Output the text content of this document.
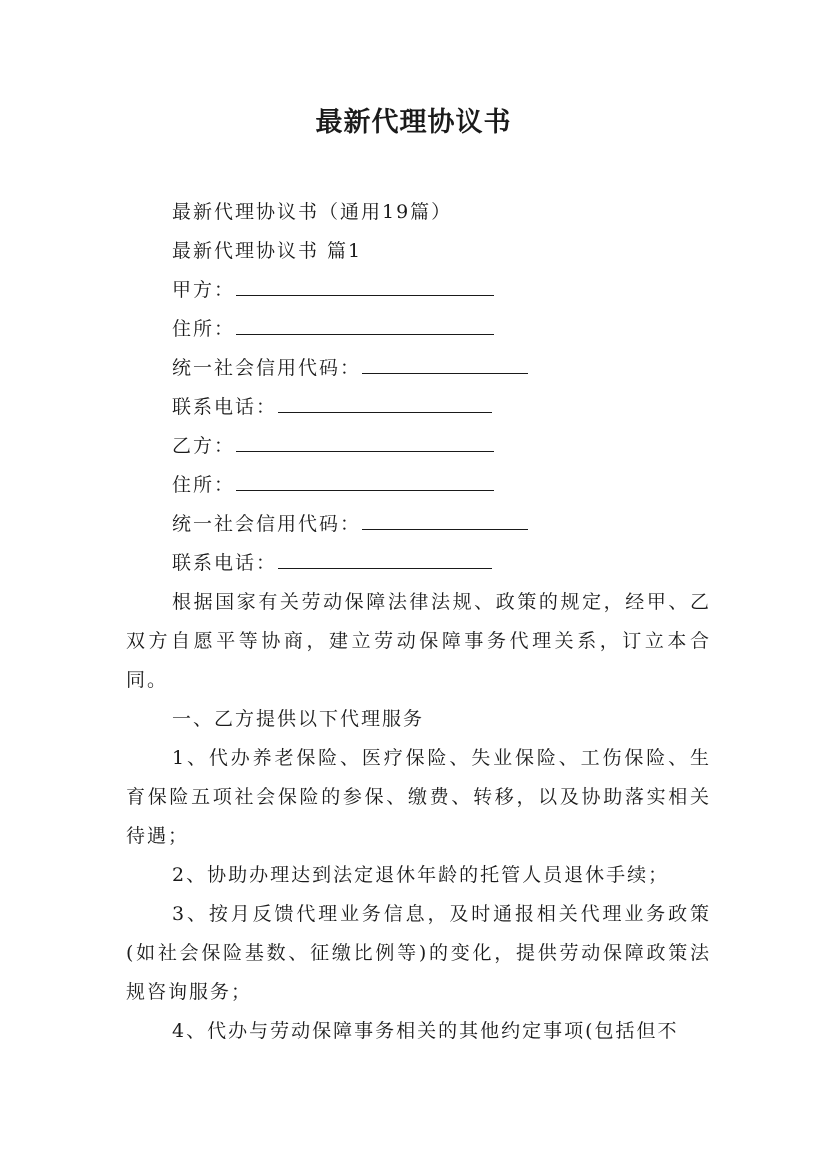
最新代理协议书

最新代理协议书（通用19篇）

最新代理协议书 篇1

甲方：

住所：

统一社会信用代码：

联系电话：

乙方：

住所：

统一社会信用代码：

联系电话：

根据国家有关劳动保障法律法规、政策的规定，经甲、乙双方自愿平等协商，建立劳动保障事务代理关系，订立本合同。

一、乙方提供以下代理服务

1、代办养老保险、医疗保险、失业保险、工伤保险、生育保险五项社会保险的参保、缴费、转移，以及协助落实相关待遇；

2、协助办理达到法定退休年龄的托管人员退休手续；

3、按月反馈代理业务信息，及时通报相关代理业务政策(如社会保险基数、征缴比例等)的变化，提供劳动保障政策法规咨询服务；

4、代办与劳动保障事务相关的其他约定事项(包括但不
